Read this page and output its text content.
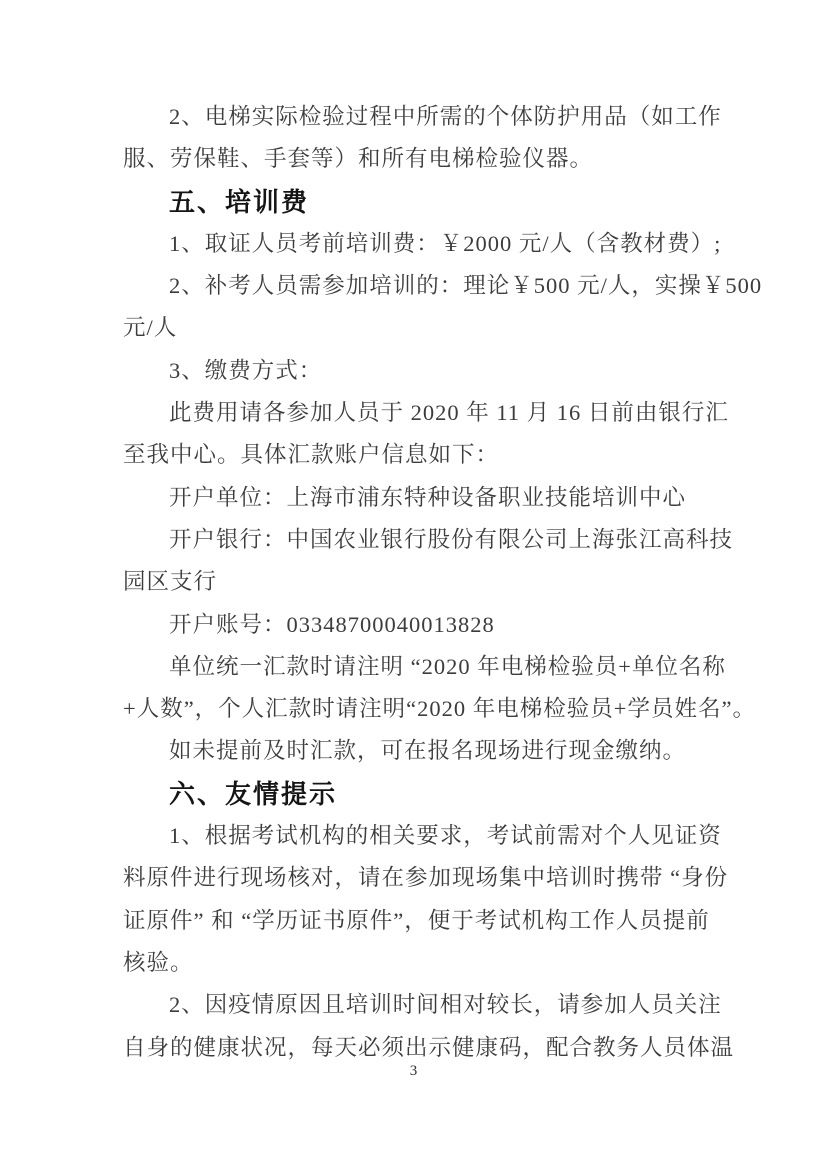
2、电梯实际检验过程中所需的个体防护用品（如工作
服、劳保鞋、手套等）和所有电梯检验仪器。
五、培训费
1、取证人员考前培训费：￥2000 元/人（含教材费）;
2、补考人员需参加培训的：理论￥500 元/人，实操￥500
元/人
3、缴费方式：
此费用请各参加人员于 2020 年 11 月 16 日前由银行汇
至我中心。具体汇款账户信息如下：
开户单位：上海市浦东特种设备职业技能培训中心
开户银行：中国农业银行股份有限公司上海张江高科技
园区支行
开户账号：03348700040013828
单位统一汇款时请注明 “2020 年电梯检验员+单位名称
+人数”，个人汇款时请注明“2020 年电梯检验员+学员姓名”。
如未提前及时汇款，可在报名现场进行现金缴纳。
六、友情提示
1、根据考试机构的相关要求，考试前需对个人见证资
料原件进行现场核对，请在参加现场集中培训时携带 “身份
证原件” 和 “学历证书原件”，便于考试机构工作人员提前
核验。
2、因疫情原因且培训时间相对较长，请参加人员关注
自身的健康状况，每天必须出示健康码，配合教务人员体温
3
